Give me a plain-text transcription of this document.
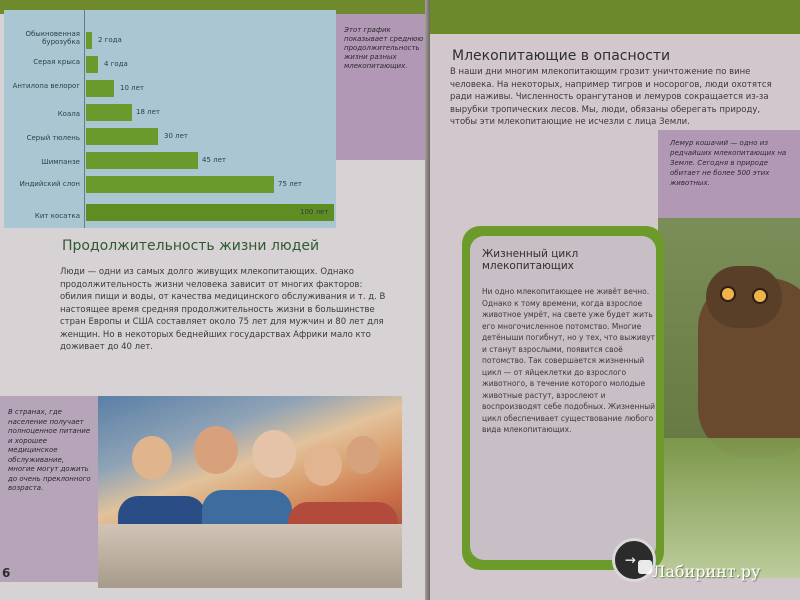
Обыкновенная бурозубка	2 года
Серая крыса	4 года
Антилопа велорог	10 лет
Коала	18 лет
Серый тюлень	30 лет
Шимпанзе	45 лет
Индийский слон	75 лет
Кит косатка	100 лет
Этот график показывает среднюю продолжительность жизни разных млекопитающих.
Продолжительность жизни людей
Люди — одни из самых долго живущих млекопитающих. Однако продолжительность жизни человека зависит от многих факторов: обилия пищи и воды, от качества медицинского обслуживания и т. д. В настоящее время средняя продолжительность жизни в большинстве стран Европы и США составляет около 75 лет для мужчин и 80 лет для женщин. Но в некоторых беднейших государствах Африки мало кто доживает до 40 лет.
В странах, где население получает полноценное питание и хорошее медицинское обслуживание, многие могут дожить до очень преклонного возраста.
6
Млекопитающие в опасности
В наши дни многим млекопитающим грозит уничтожение по вине человека. На некоторых, например тигров и носорогов, люди охотятся ради наживы. Численность орангутанов и лемуров сокращается из-за вырубки тропических лесов. Мы, люди, обязаны оберегать природу, чтобы эти млекопитающие не исчезли с лица Земли.
Лемур кошачий — одно из редчайших млекопитающих на Земле. Сегодня в природе обитает не более 500 этих животных.
Жизненный цикл млекопитающих
Ни одно млекопитающее не живёт вечно. Однако к тому времени, когда взрослое животное умрёт, на свете уже будет жить его многочисленное потомство. Многие детёныши погибнут, но у тех, что выживут и станут взрослыми, появится своё потомство. Так совершается жизненный цикл — от яйцеклетки до взрослого животного, в течение которого молодые животные растут, взрослеют и воспроизводят себе подобных. Жизненный цикл обеспечивает существование любого вида млекопитающих.
→
Лабиринт.ру
